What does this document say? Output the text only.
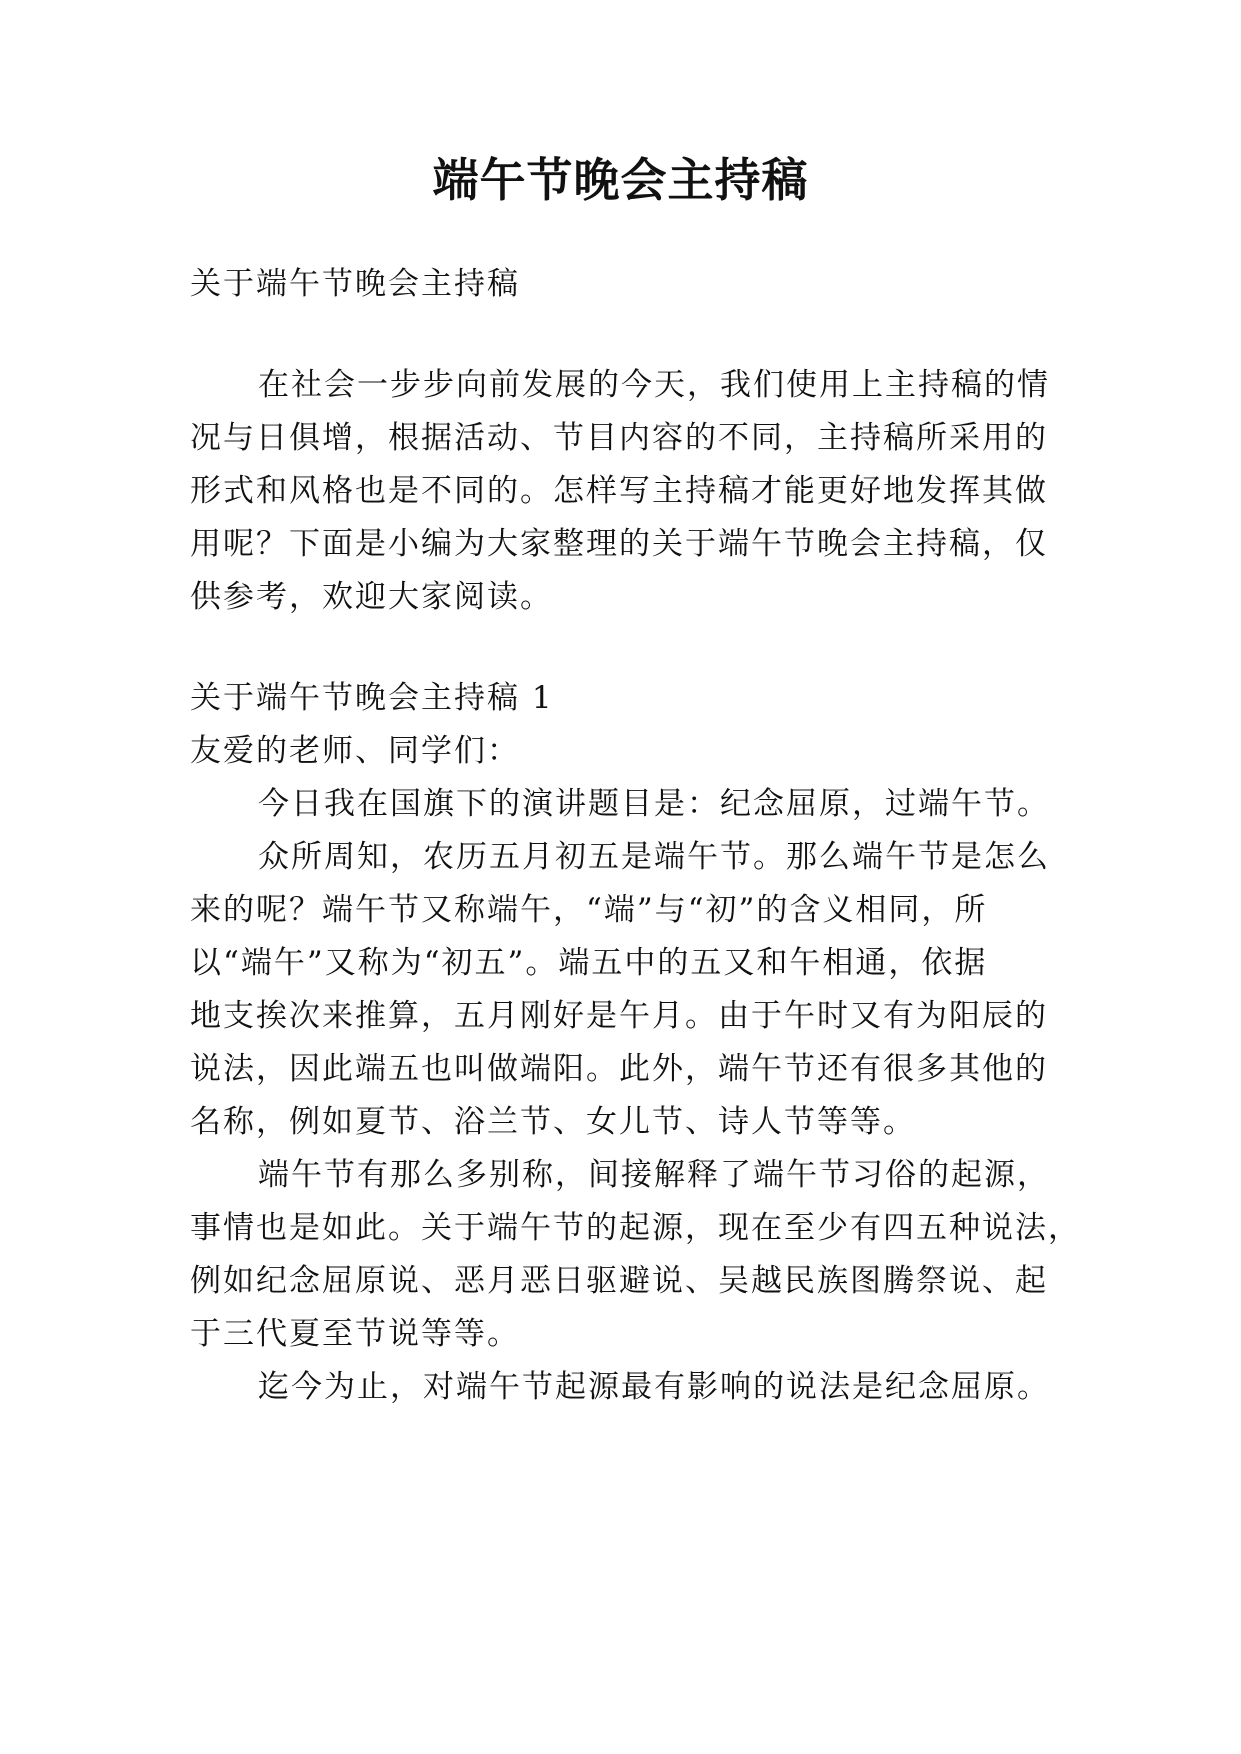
端午节晚会主持稿
关于端午节晚会主持稿
在社会一步步向前发展的今天，我们使用上主持稿的情
况与日俱增，根据活动、节目内容的不同，主持稿所采用的
形式和风格也是不同的。怎样写主持稿才能更好地发挥其做
用呢？下面是小编为大家整理的关于端午节晚会主持稿，仅
供参考，欢迎大家阅读。
关于端午节晚会主持稿 1
友爱的老师、同学们：
今日我在国旗下的演讲题目是：纪念屈原，过端午节。
众所周知，农历五月初五是端午节。那么端午节是怎么
来的呢？端午节又称端午，“端”与“初”的含义相同，所
以“端午”又称为“初五”。端五中的五又和午相通，依据
地支挨次来推算，五月刚好是午月。由于午时又有为阳辰的
说法，因此端五也叫做端阳。此外，端午节还有很多其他的
名称，例如夏节、浴兰节、女儿节、诗人节等等。
端午节有那么多别称，间接解释了端午节习俗的起源，
事情也是如此。关于端午节的起源，现在至少有四五种说法，
例如纪念屈原说、恶月恶日驱避说、吴越民族图腾祭说、起
于三代夏至节说等等。
迄今为止，对端午节起源最有影响的说法是纪念屈原。
